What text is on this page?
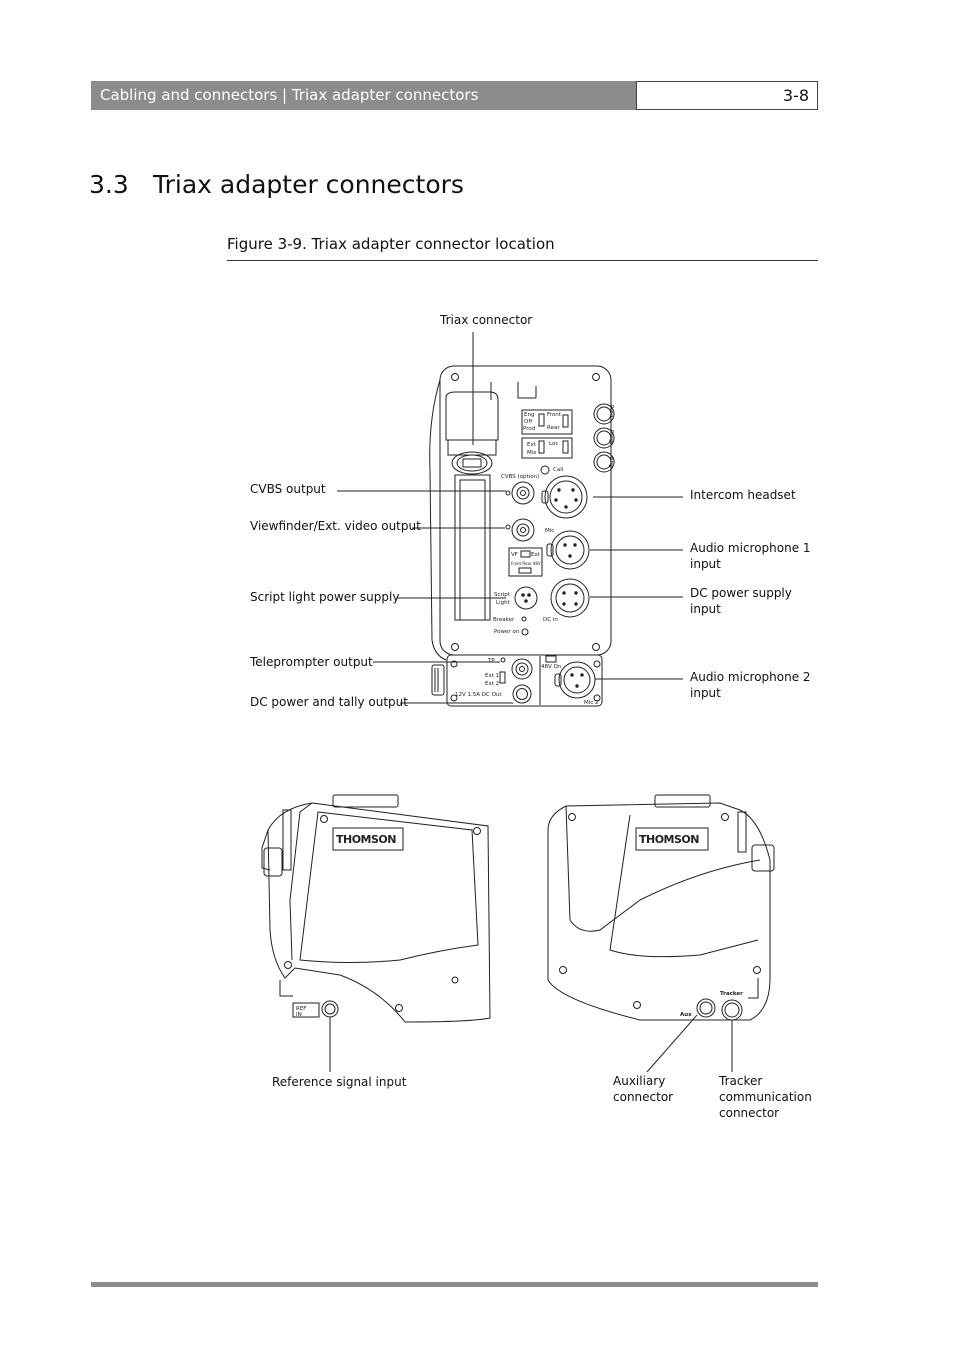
Cabling and connectors | Triax adapter connectors	3-8
3.3 Triax adapter connectors
Figure 3-9. Triax adapter connector location
Eng
Off
Prod
Front
Rear
Ext
Mix
Loc
Call
CVBS (option)
Mic
VF Ext
Front Rear 48V
Script
Light
Breaker	DC in
Power on
TP
Ext 1
Ext 2
12V 1.5A DC Out
48V On
Mic 2
Prod
Progr
Eng
REF
IN	Aux
Tracker
THOMSON	THOMSON
Triax connector
CVBS output
Viewfinder/Ext. video output
Script light power supply
Teleprompter output
DC power and tally output
Intercom headset
Audio microphone 1
input
DC power supply
input
Audio microphone 2
input
Reference signal input	Auxiliary
connector
Tracker
communication
connector
